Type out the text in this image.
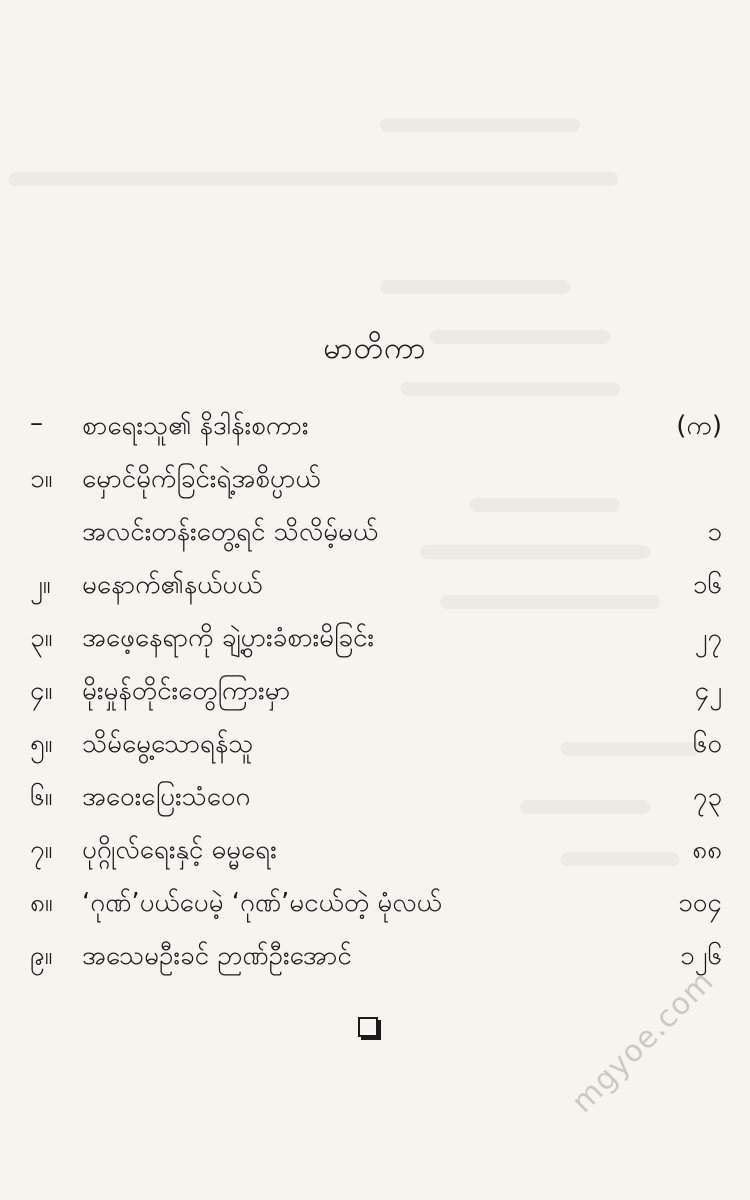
မာတိကာ
– စာရေးသူ၏ နိဒါန်းစကား	(က)
၁။ မှောင်မိုက်ခြင်းရဲ့အစိပ္ပာယ်
အလင်းတန်းတွေ့ရင် သိလိမ့်မယ်	၁
၂။ မနောက်၏နယ်ပယ်	၁၆
၃။ အဖေ့နေရာကို ချဲ့ပွားခံစားမိခြင်း	၂၇
၄။ မိုးမှုန်တိုင်းတွေကြားမှာ	၄၂
၅။ သိမ်မွေ့သောရန်သူ	၆၀
၆။ အဝေးပြေးသံဝေဂ	၇၃
၇။ ပုဂ္ဂိုလ်ရေးနှင့် ဓမ္မရေး	၈၈
၈။ ‘ဂုဏ်’ပယ်ပေမဲ့ ‘ဂုဏ်’မငယ်တဲ့ မုံလယ်	၁၀၄
၉။ အသေမဦးခင် ဉာဏ်ဦးအောင်	၁၂၆
mgyoe.com
